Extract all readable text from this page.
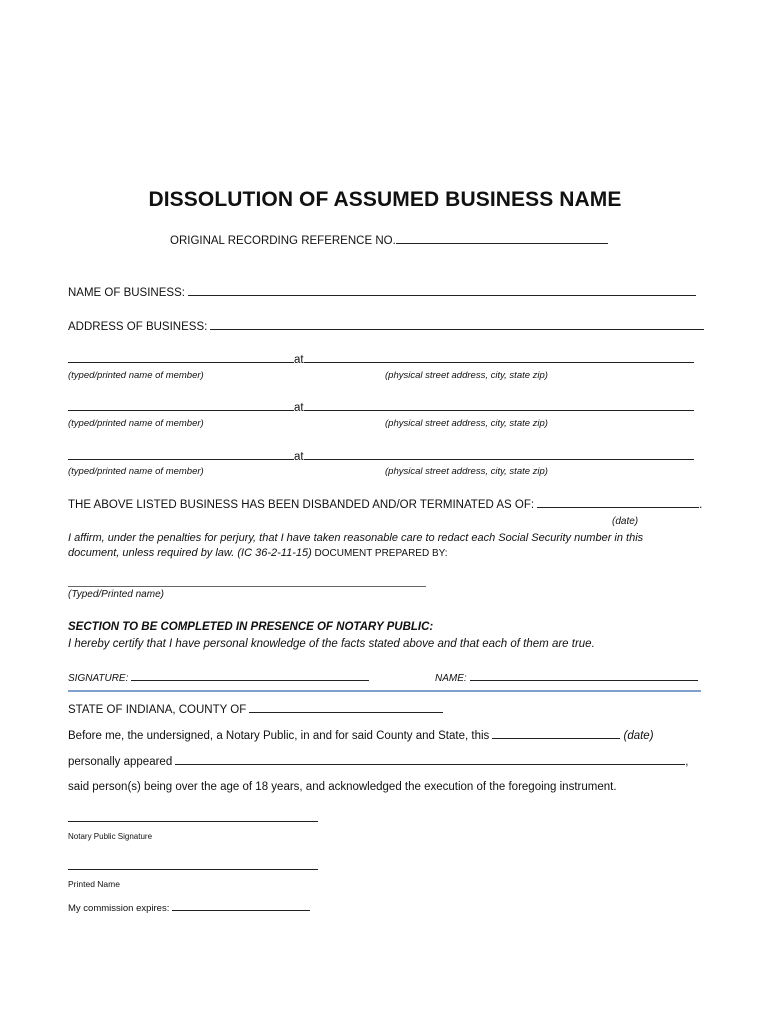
DISSOLUTION OF ASSUMED BUSINESS NAME
ORIGINAL RECORDING REFERENCE NO.
NAME OF BUSINESS:
ADDRESS OF BUSINESS:
at
(typed/printed name of member)	(physical street address, city, state zip)
at
(typed/printed name of member)	(physical street address, city, state zip)
at
(typed/printed name of member)	(physical street address, city, state zip)
THE ABOVE LISTED BUSINESS HAS BEEN DISBANDED AND/OR TERMINATED AS OF:	.
(date)
I affirm, under the penalties for perjury, that I have taken reasonable care to redact each Social Security number in this
document, unless required by law. (IC 36-2-11-15) DOCUMENT PREPARED BY:
(Typed/Printed name)
SECTION TO BE COMPLETED IN PRESENCE OF NOTARY PUBLIC:
I hereby certify that I have personal knowledge of the facts stated above and that each of them are true.
SIGNATURE:	NAME:
STATE OF INDIANA, COUNTY OF
Before me, the undersigned, a Notary Public, in and for said County and State, this	(date)
personally appeared	,
said person(s) being over the age of 18 years, and acknowledged the execution of the foregoing instrument.
Notary Public Signature
Printed Name
My commission expires:
